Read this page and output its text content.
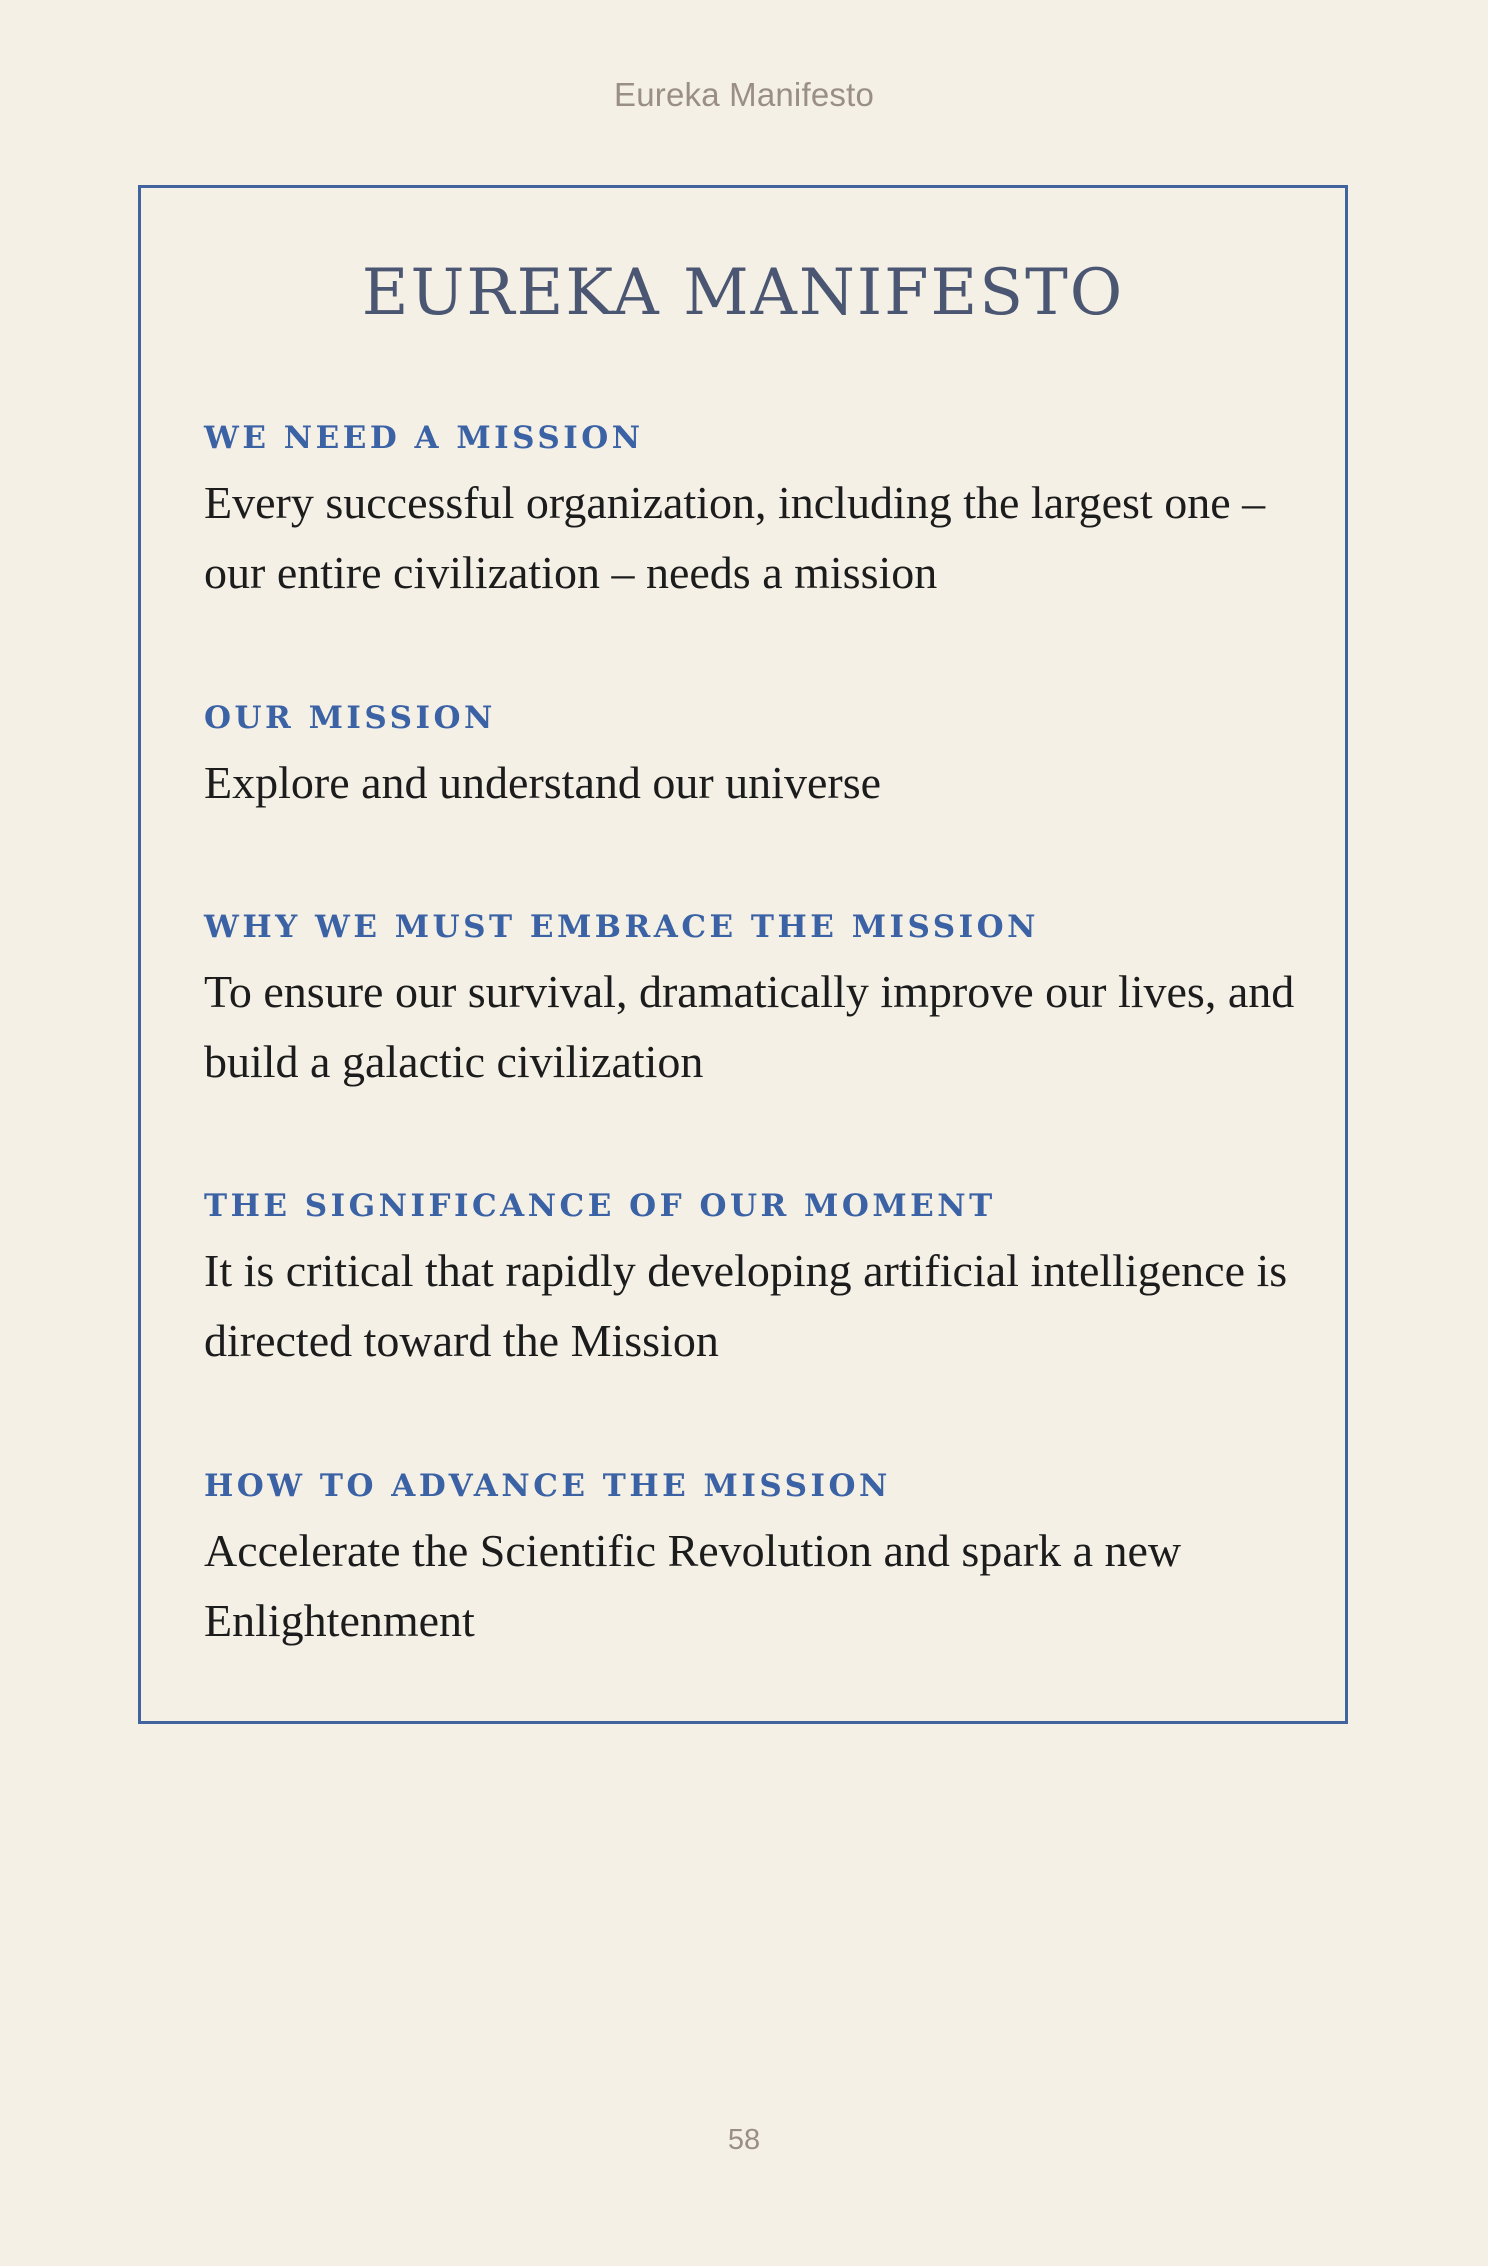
Eureka Manifesto
EUREKA MANIFESTO
WE NEED A MISSION

Every successful organization, including the largest one – our entire civilization – needs a mission

OUR MISSION

Explore and understand our universe

WHY WE MUST EMBRACE THE MISSION

To ensure our survival, dramatically improve our lives, and build a galactic civilization

THE SIGNIFICANCE OF OUR MOMENT

It is critical that rapidly developing artificial intelligence is directed toward the Mission

HOW TO ADVANCE THE MISSION

Accelerate the Scientific Revolution and spark a new Enlightenment

58
